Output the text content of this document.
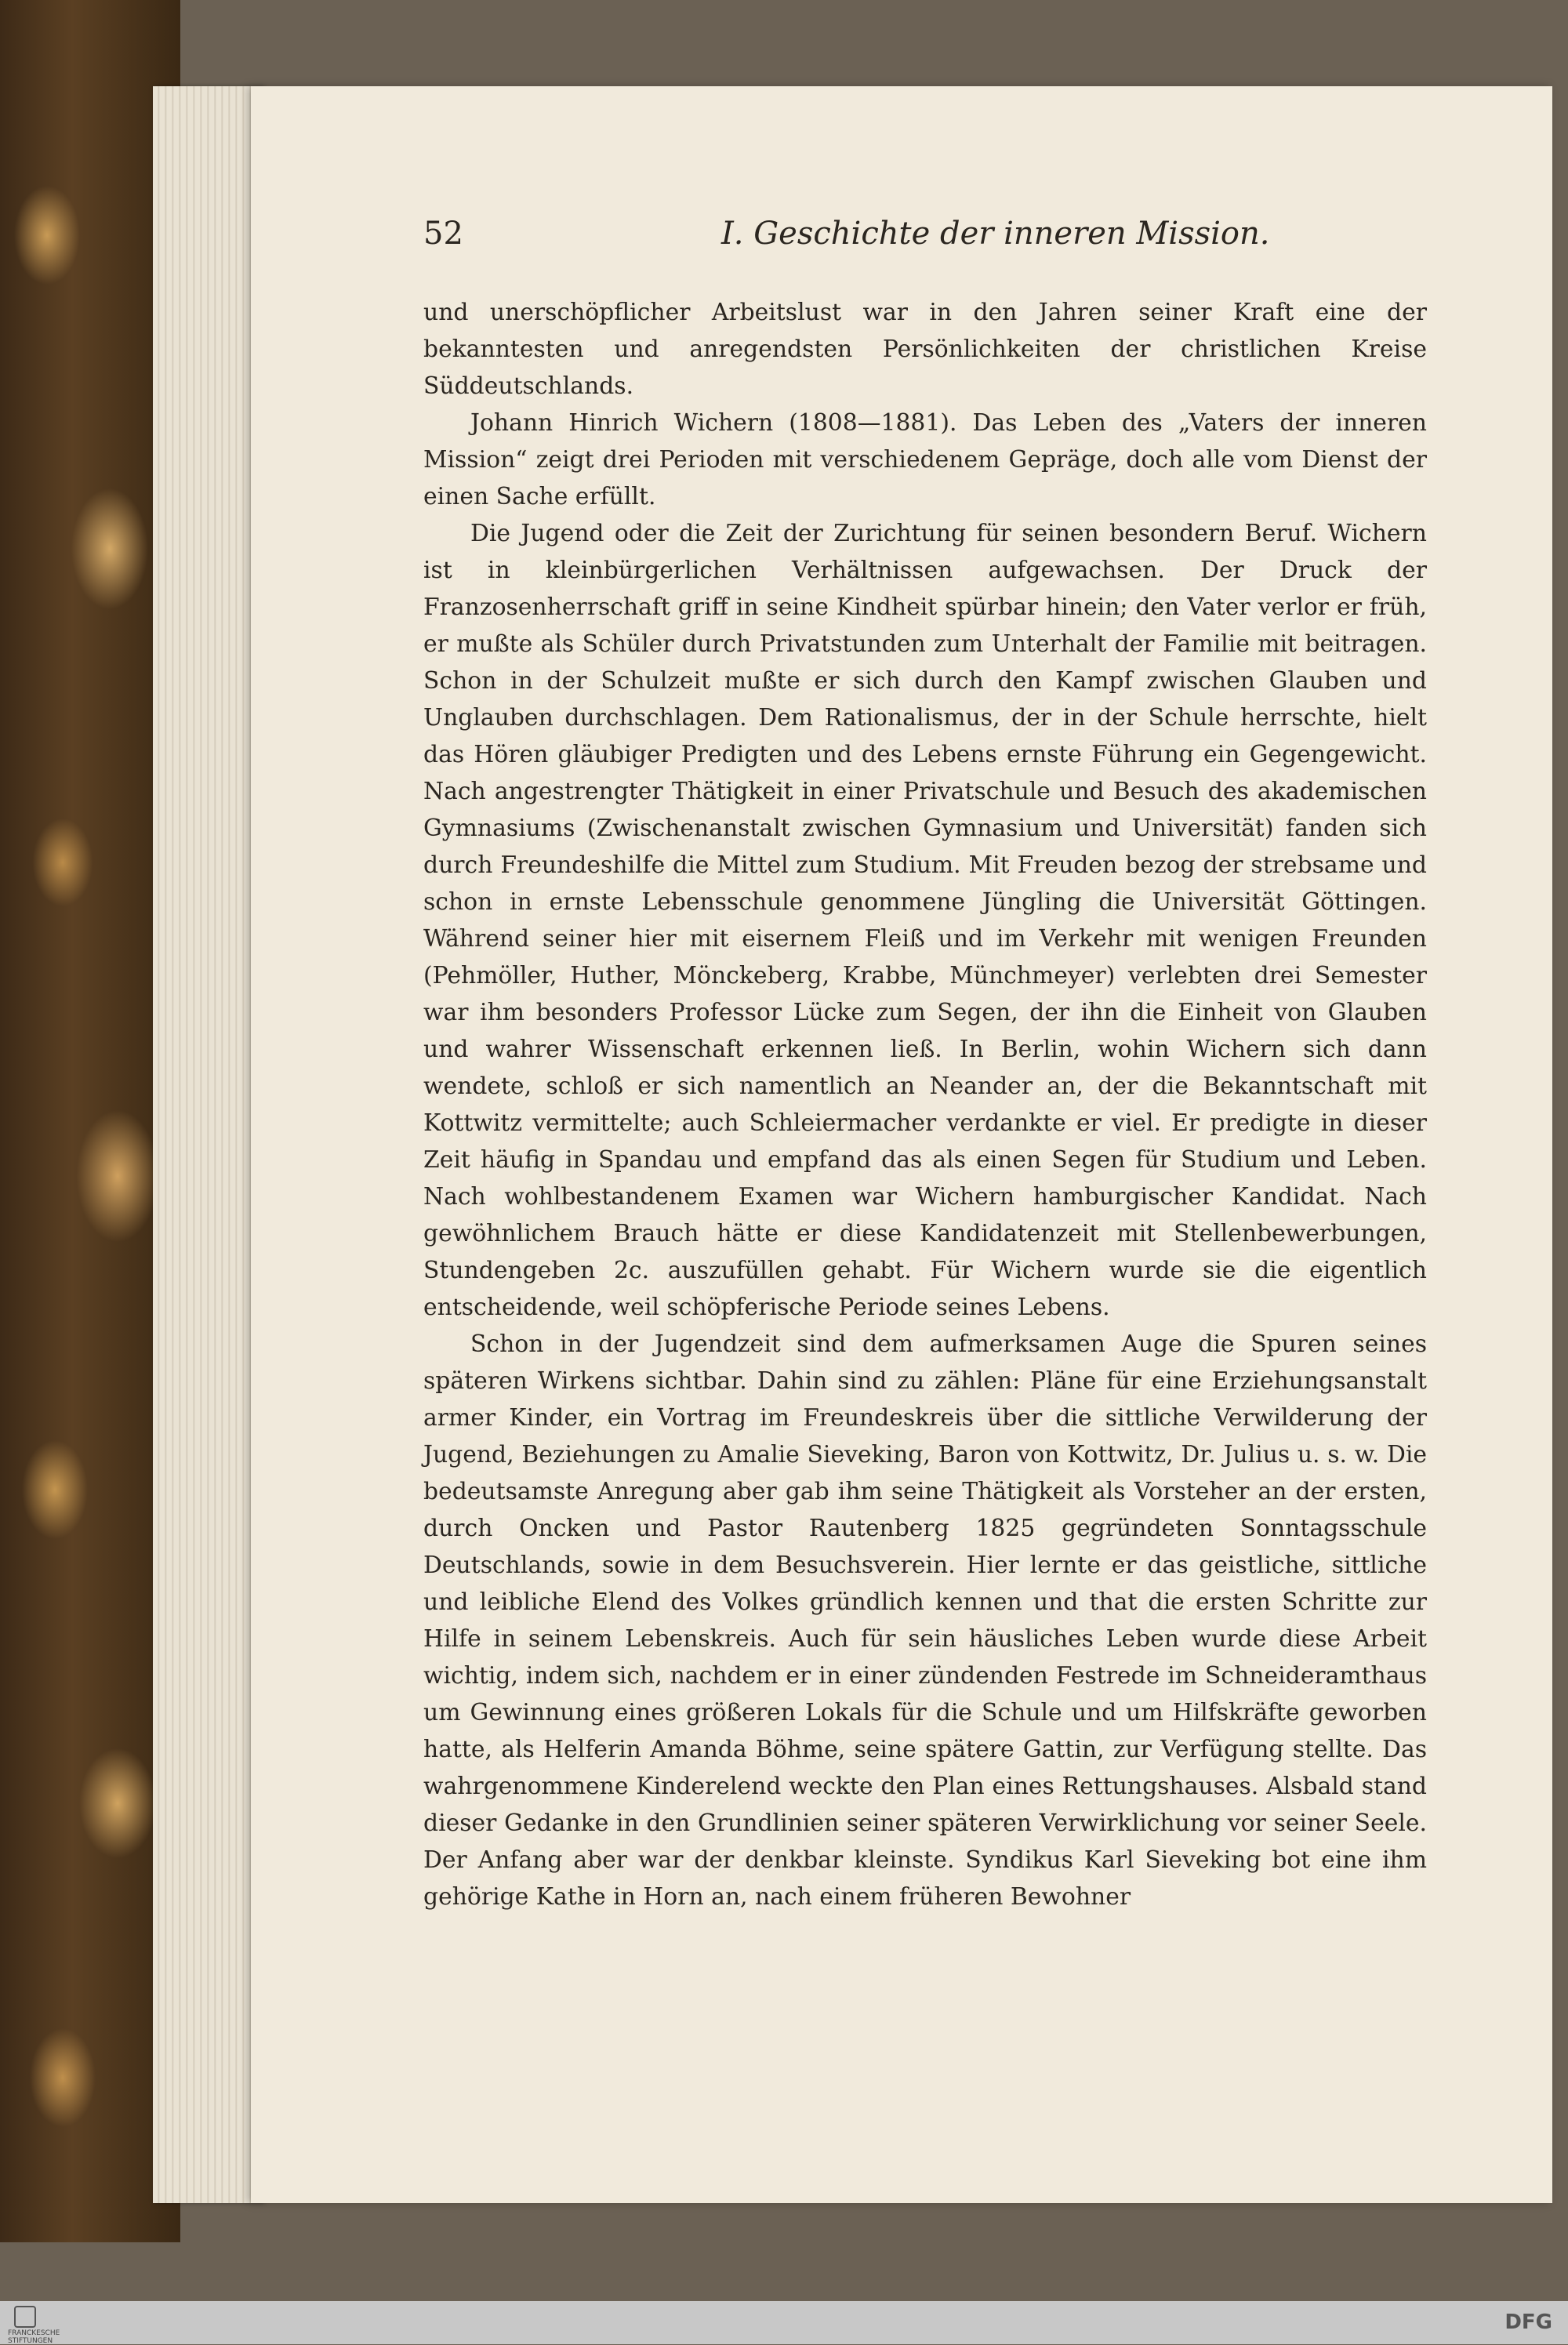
52	I. Geschichte der inneren Mission.

und unerschöpflicher Arbeitslust war in den Jahren seiner Kraft eine der bekanntesten und anregendsten Persönlichkeiten der christlichen Kreise Süddeutschlands.

Johann Hinrich Wichern (1808—1881). Das Leben des „Vaters der inneren Mission“ zeigt drei Perioden mit verschiedenem Gepräge, doch alle vom Dienst der einen Sache erfüllt.

Die Jugend oder die Zeit der Zurichtung für seinen besondern Beruf. Wichern ist in kleinbürgerlichen Verhältnissen aufgewachsen. Der Druck der Franzosenherrschaft griff in seine Kindheit spürbar hinein; den Vater verlor er früh, er mußte als Schüler durch Privatstunden zum Unterhalt der Familie mit beitragen. Schon in der Schulzeit mußte er sich durch den Kampf zwischen Glauben und Unglauben durchschlagen. Dem Rationalismus, der in der Schule herrschte, hielt das Hören gläubiger Predigten und des Lebens ernste Führung ein Gegengewicht. Nach angestrengter Thätigkeit in einer Privatschule und Besuch des akademischen Gymnasiums (Zwischenanstalt zwischen Gymnasium und Universität) fanden sich durch Freundeshilfe die Mittel zum Studium. Mit Freuden bezog der strebsame und schon in ernste Lebensschule genommene Jüngling die Universität Göttingen. Während seiner hier mit eisernem Fleiß und im Verkehr mit wenigen Freunden (Pehmöller, Huther, Mönckeberg, Krabbe, Münchmeyer) verlebten drei Semester war ihm besonders Professor Lücke zum Segen, der ihn die Einheit von Glauben und wahrer Wissenschaft erkennen ließ. In Berlin, wohin Wichern sich dann wendete, schloß er sich namentlich an Neander an, der die Bekanntschaft mit Kottwitz vermittelte; auch Schleiermacher verdankte er viel. Er predigte in dieser Zeit häufig in Spandau und empfand das als einen Segen für Studium und Leben. Nach wohlbestandenem Examen war Wichern hamburgischer Kandidat. Nach gewöhnlichem Brauch hätte er diese Kandidatenzeit mit Stellenbewerbungen, Stundengeben 2c. auszufüllen gehabt. Für Wichern wurde sie die eigentlich entscheidende, weil schöpferische Periode seines Lebens.

Schon in der Jugendzeit sind dem aufmerksamen Auge die Spuren seines späteren Wirkens sichtbar. Dahin sind zu zählen: Pläne für eine Erziehungsanstalt armer Kinder, ein Vortrag im Freundeskreis über die sittliche Verwilderung der Jugend, Beziehungen zu Amalie Sieveking, Baron von Kottwitz, Dr. Julius u. s. w. Die bedeutsamste Anregung aber gab ihm seine Thätigkeit als Vorsteher an der ersten, durch Oncken und Pastor Rautenberg 1825 gegründeten Sonntagsschule Deutschlands, sowie in dem Besuchsverein. Hier lernte er das geistliche, sittliche und leibliche Elend des Volkes gründlich kennen und that die ersten Schritte zur Hilfe in seinem Lebenskreis. Auch für sein häusliches Leben wurde diese Arbeit wichtig, indem sich, nachdem er in einer zündenden Festrede im Schneideramthaus um Gewinnung eines größeren Lokals für die Schule und um Hilfskräfte geworben hatte, als Helferin Amanda Böhme, seine spätere Gattin, zur Verfügung stellte. Das wahrgenommene Kinderelend weckte den Plan eines Rettungshauses. Alsbald stand dieser Gedanke in den Grundlinien seiner späteren Verwirklichung vor seiner Seele. Der Anfang aber war der denkbar kleinste. Syndikus Karl Sieveking bot eine ihm gehörige Kathe in Horn an, nach einem früheren Bewohner

FRANCKESCHE STIFTUNGEN
DFG
